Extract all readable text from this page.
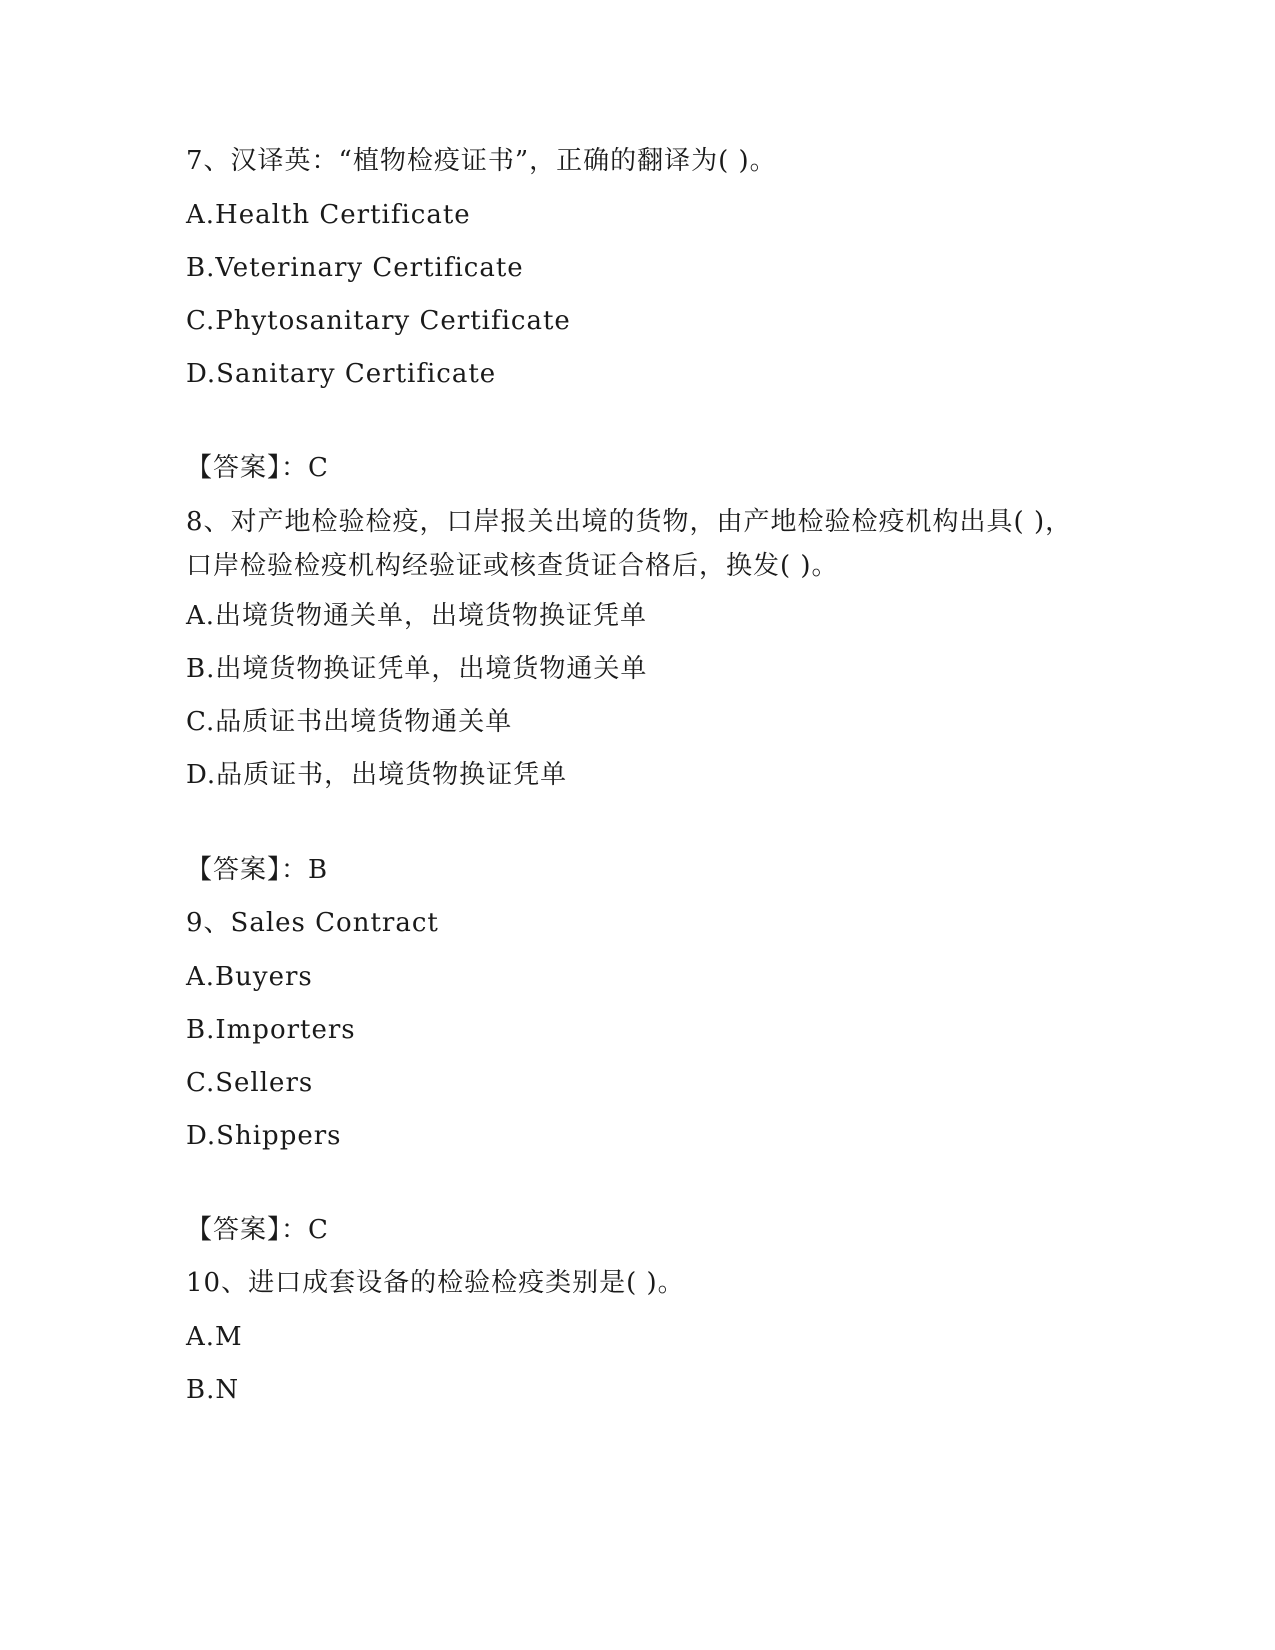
7、汉译英：“植物检疫证书”，正确的翻译为( )。
A.Health Certificate
B.Veterinary Certificate
C.Phytosanitary Certificate
D.Sanitary Certificate
【答案】：C
8、对产地检验检疫，口岸报关出境的货物，由产地检验检疫机构出具( )，口岸检验检疫机构经验证或核查货证合格后，换发( )。
A.出境货物通关单，出境货物换证凭单
B.出境货物换证凭单，出境货物通关单
C.品质证书出境货物通关单
D.品质证书，出境货物换证凭单
【答案】：B
9、Sales Contract
A.Buyers
B.Importers
C.Sellers
D.Shippers
【答案】：C
10、进口成套设备的检验检疫类别是( )。
A.M
B.N
